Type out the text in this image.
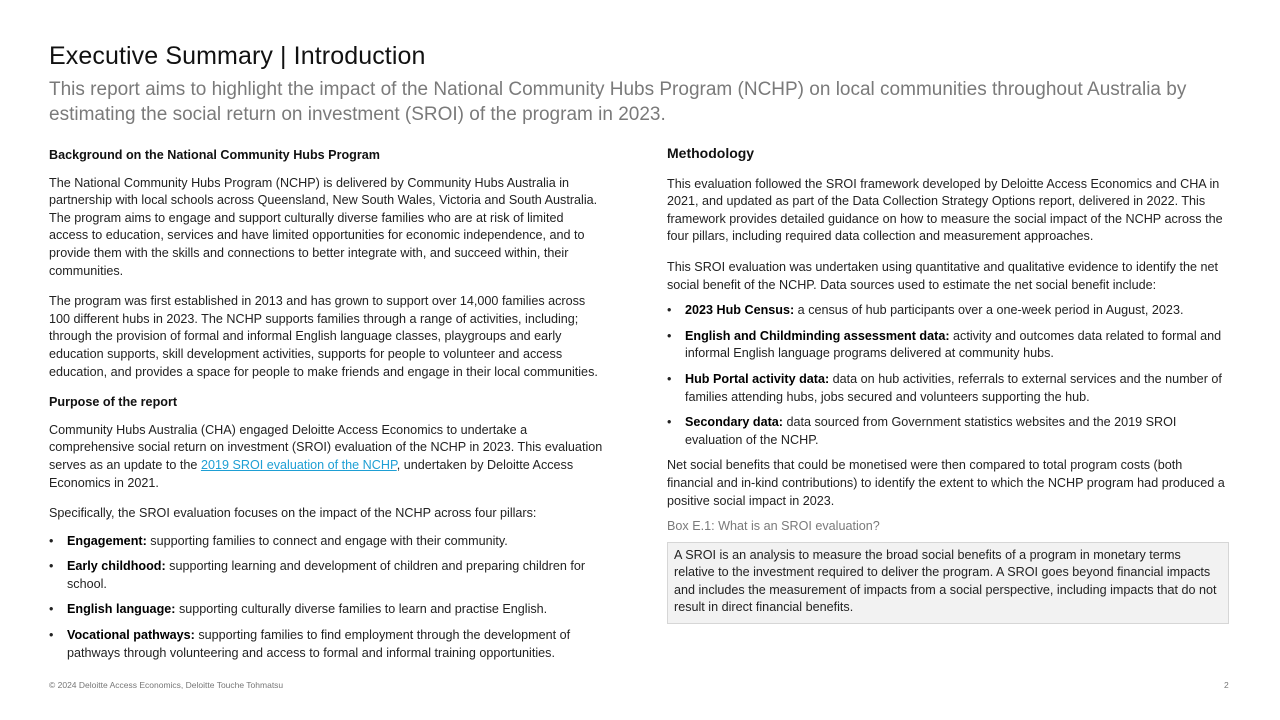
Executive Summary | Introduction
This report aims to highlight the impact of the National Community Hubs Program (NCHP) on local communities throughout Australia by estimating the social return on investment (SROI) of the program in 2023.

Background on the National Community Hubs Program

The National Community Hubs Program (NCHP) is delivered by Community Hubs Australia in partnership with local schools across Queensland, New South Wales, Victoria and South Australia. The program aims to engage and support culturally diverse families who are at risk of limited access to education, services and have limited opportunities for economic independence, and to provide them with the skills and connections to better integrate with, and succeed within, their communities.

The program was first established in 2013 and has grown to support over 14,000 families across 100 different hubs in 2023. The NCHP supports families through a range of activities, including; through the provision of formal and informal English language classes, playgroups and early education supports, skill development activities, supports for people to volunteer and access education, and provides a space for people to make friends and engage in their local communities.

Purpose of the report

Community Hubs Australia (CHA) engaged Deloitte Access Economics to undertake a comprehensive social return on investment (SROI) evaluation of the NCHP in 2023. This evaluation serves as an update to the 2019 SROI evaluation of the NCHP, undertaken by Deloitte Access Economics in 2021.

Specifically, the SROI evaluation focuses on the impact of the NCHP across four pillars:

• Engagement: supporting families to connect and engage with their community.
• Early childhood: supporting learning and development of children and preparing children for school.
• English language: supporting culturally diverse families to learn and practise English.
• Vocational pathways: supporting families to find employment through the development of pathways through volunteering and access to formal and informal training opportunities.

Methodology

This evaluation followed the SROI framework developed by Deloitte Access Economics and CHA in 2021, and updated as part of the Data Collection Strategy Options report, delivered in 2022. This framework provides detailed guidance on how to measure the social impact of the NCHP across the four pillars, including required data collection and measurement approaches.

This SROI evaluation was undertaken using quantitative and qualitative evidence to identify the net social benefit of the NCHP. Data sources used to estimate the net social benefit include:

• 2023 Hub Census: a census of hub participants over a one-week period in August, 2023.
• English and Childminding assessment data: activity and outcomes data related to formal and informal English language programs delivered at community hubs.
• Hub Portal activity data: data on hub activities, referrals to external services and the number of families attending hubs, jobs secured and volunteers supporting the hub.
• Secondary data: data sourced from Government statistics websites and the 2019 SROI evaluation of the NCHP.

Net social benefits that could be monetised were then compared to total program costs (both financial and in-kind contributions) to identify the extent to which the NCHP program had produced a positive social impact in 2023.

Box E.1: What is an SROI evaluation?

A SROI is an analysis to measure the broad social benefits of a program in monetary terms relative to the investment required to deliver the program. A SROI goes beyond financial impacts and includes the measurement of impacts from a social perspective, including impacts that do not result in direct financial benefits.

© 2024 Deloitte Access Economics, Deloitte Touche Tohmatsu	2
